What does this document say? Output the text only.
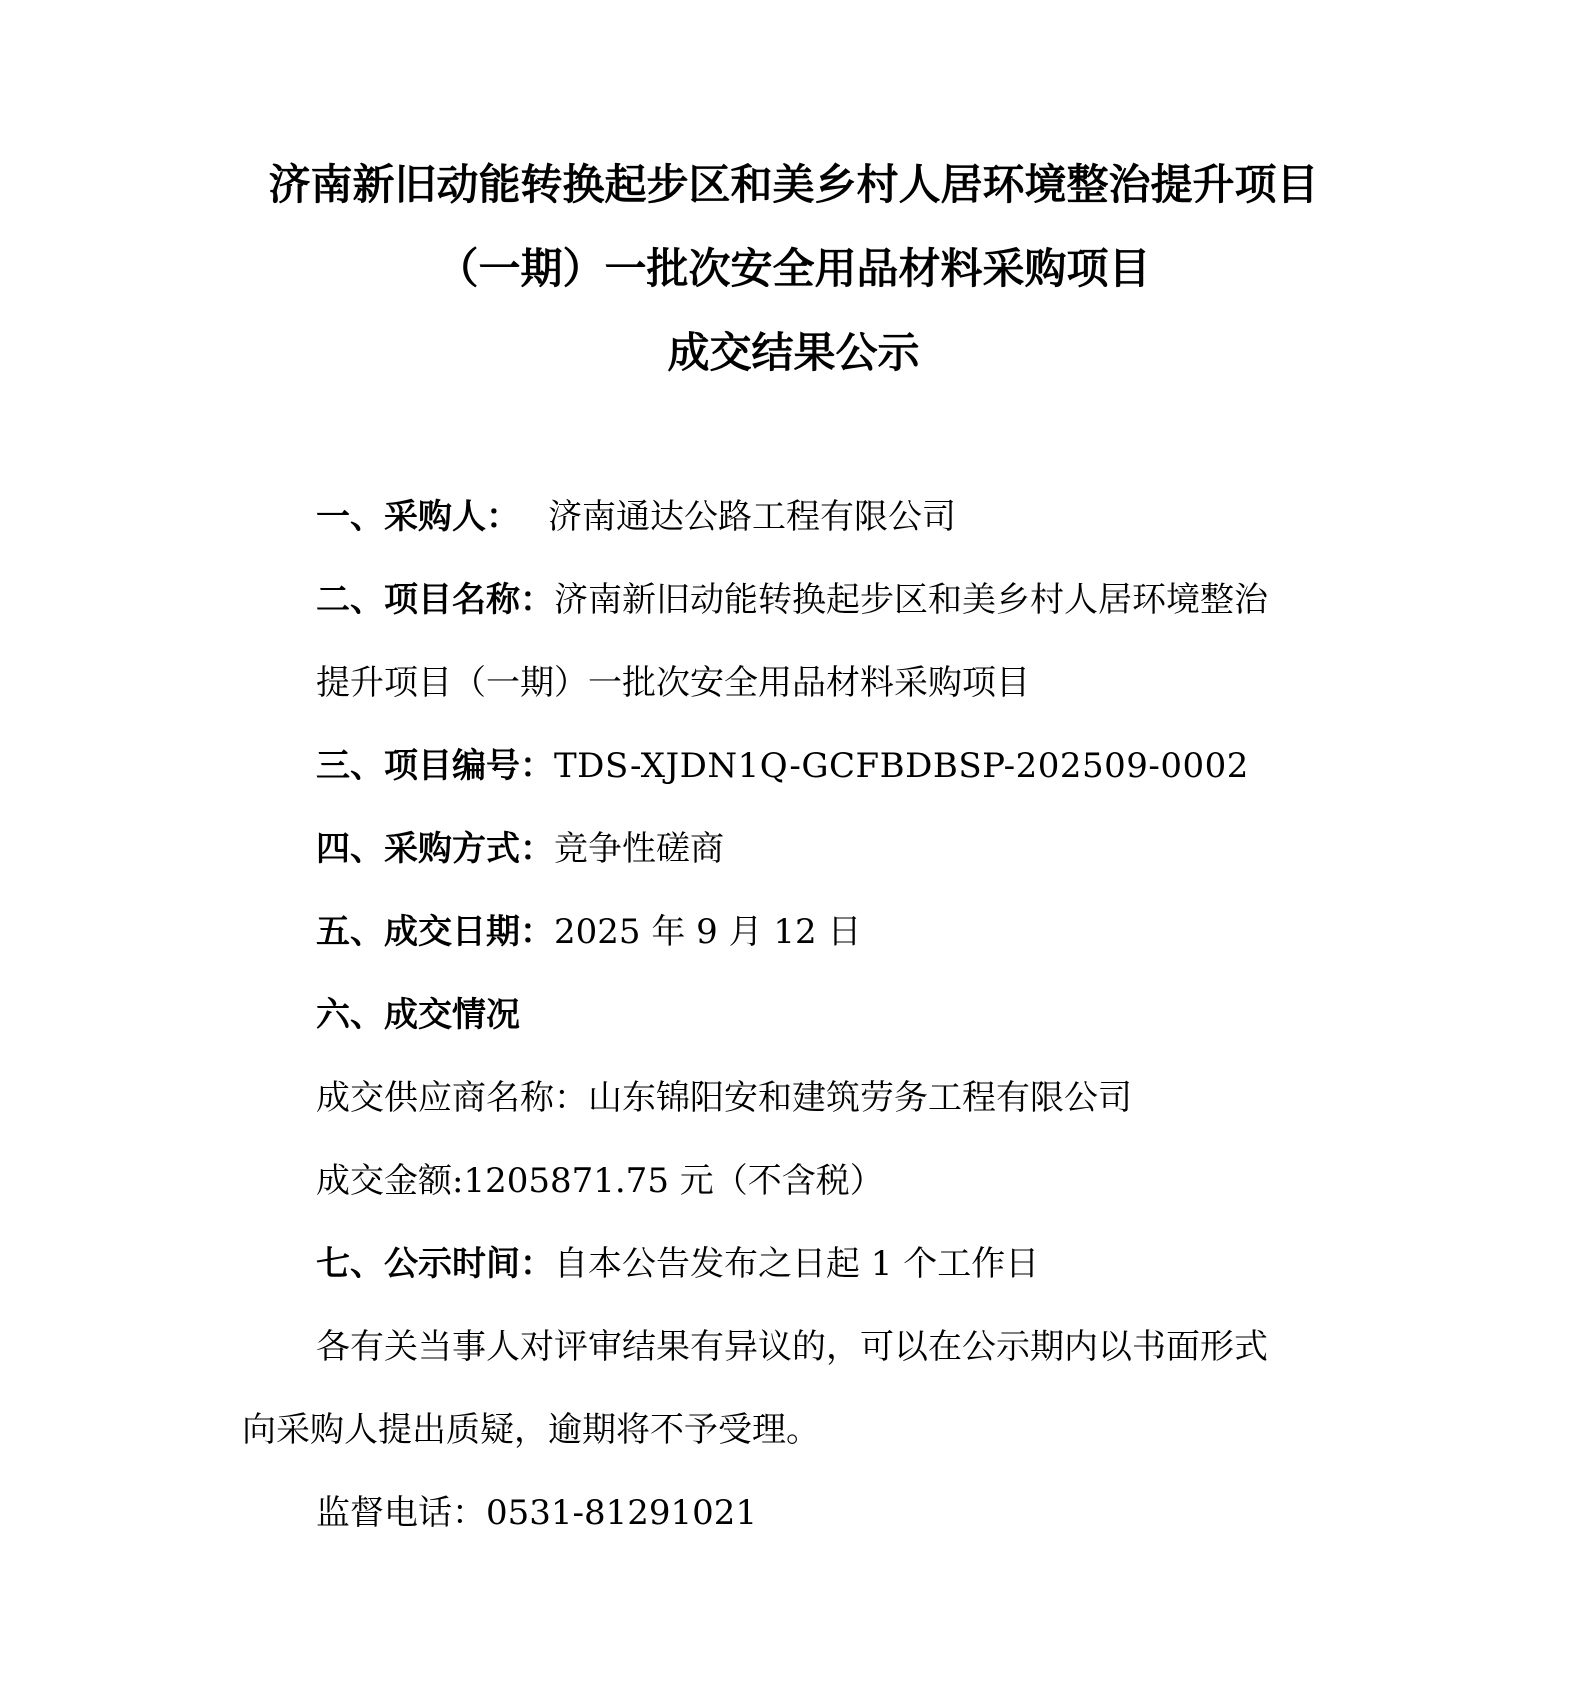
济南新旧动能转换起步区和美乡村人居环境整治提升项目
（一期）一批次安全用品材料采购项目
成交结果公示
一、采购人： 济南通达公路工程有限公司
二、项目名称：济南新旧动能转换起步区和美乡村人居环境整治
提升项目（一期）一批次安全用品材料采购项目
三、项目编号：TDS-XJDN1Q-GCFBDBSP-202509-0002
四、采购方式：竞争性磋商
五、成交日期：2025 年 9 月 12 日
六、成交情况
成交供应商名称：山东锦阳安和建筑劳务工程有限公司
成交金额:1205871.75 元（不含税）
七、公示时间：自本公告发布之日起 1 个工作日
各有关当事人对评审结果有异议的，可以在公示期内以书面形式
向采购人提出质疑，逾期将不予受理。
监督电话：0531-81291021
